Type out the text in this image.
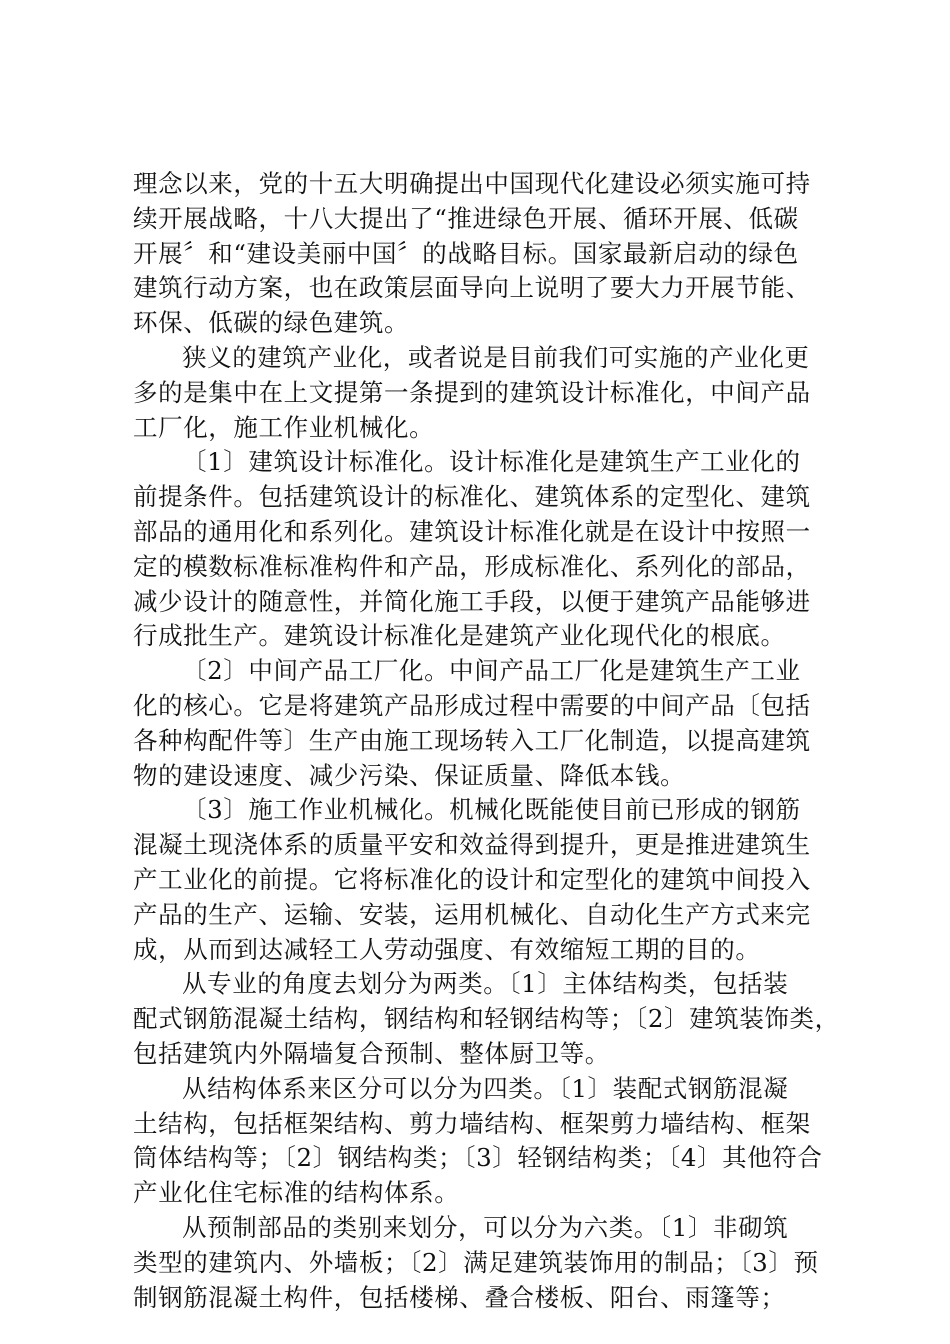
理念以来，党的十五大明确提出中国现代化建设必须实施可持
续开展战略，十八大提出了“推进绿色开展、循环开展、低碳
开展〞和“建设美丽中国〞的战略目标。国家最新启动的绿色
建筑行动方案，也在政策层面导向上说明了要大力开展节能、
环保、低碳的绿色建筑。
狭义的建筑产业化，或者说是目前我们可实施的产业化更
多的是集中在上文提第一条提到的建筑设计标准化，中间产品
工厂化，施工作业机械化。
〔1〕建筑设计标准化。设计标准化是建筑生产工业化的
前提条件。包括建筑设计的标准化、建筑体系的定型化、建筑
部品的通用化和系列化。建筑设计标准化就是在设计中按照一
定的模数标准标准构件和产品，形成标准化、系列化的部品，
减少设计的随意性，并简化施工手段，以便于建筑产品能够进
行成批生产。建筑设计标准化是建筑产业化现代化的根底。
〔2〕中间产品工厂化。中间产品工厂化是建筑生产工业
化的核心。它是将建筑产品形成过程中需要的中间产品〔包括
各种构配件等〕生产由施工现场转入工厂化制造，以提高建筑
物的建设速度、减少污染、保证质量、降低本钱。
〔3〕施工作业机械化。机械化既能使目前已形成的钢筋
混凝土现浇体系的质量平安和效益得到提升，更是推进建筑生
产工业化的前提。它将标准化的设计和定型化的建筑中间投入
产品的生产、运输、安装，运用机械化、自动化生产方式来完
成，从而到达减轻工人劳动强度、有效缩短工期的目的。
从专业的角度去划分为两类。〔1〕主体结构类，包括装
配式钢筋混凝土结构，钢结构和轻钢结构等；〔2〕建筑装饰类，
包括建筑内外隔墙复合预制、整体厨卫等。
从结构体系来区分可以分为四类。〔1〕装配式钢筋混凝
土结构，包括框架结构、剪力墙结构、框架剪力墙结构、框架
筒体结构等；〔2〕钢结构类；〔3〕轻钢结构类；〔4〕其他符合
产业化住宅标准的结构体系。
从预制部品的类别来划分，可以分为六类。〔1〕非砌筑
类型的建筑内、外墙板；〔2〕满足建筑装饰用的制品；〔3〕预
制钢筋混凝土构件，包括楼梯、叠合楼板、阳台、雨篷等；
